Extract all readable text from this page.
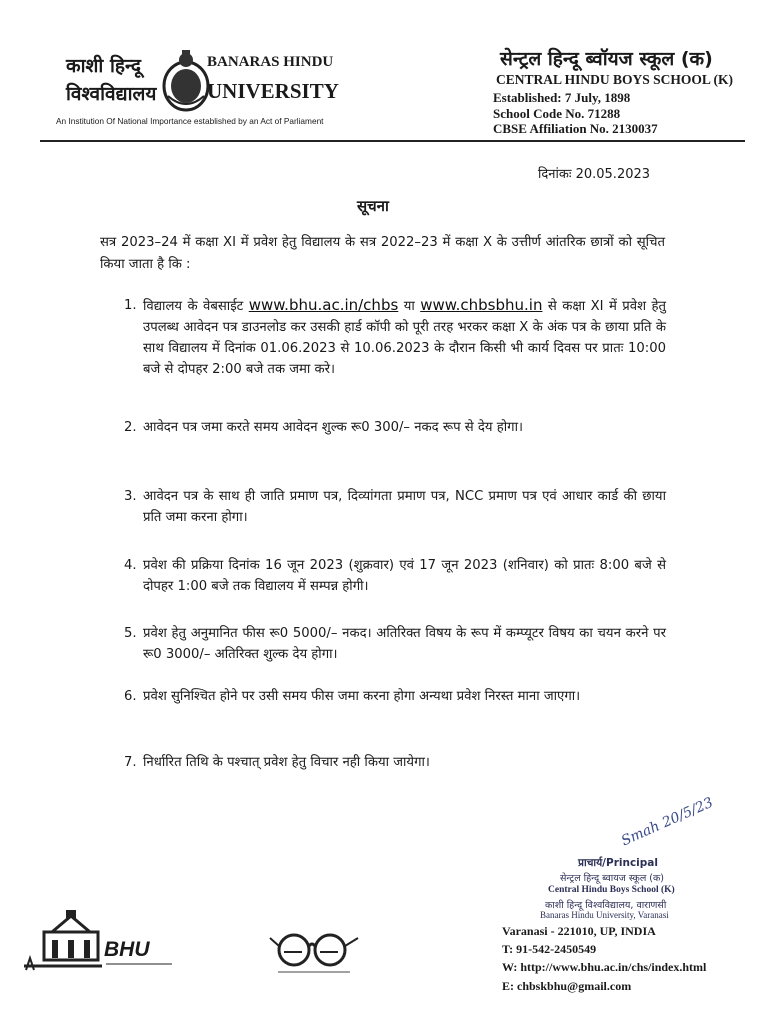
काशी हिन्दू
विश्वविद्यालय
BANARAS HINDU
UNIVERSITY
An Institution Of National Importance established by an Act of Parliament
सेन्ट्रल हिन्दू ब्वॉयज स्कूल (क)
CENTRAL HINDU BOYS SCHOOL (K)
Established: 7 July, 1898
School Code No. 71288
CBSE Affiliation No. 2130037
दिनांकः 20.05.2023
सूचना
सत्र 2023–24 में कक्षा XI में प्रवेश हेतु विद्यालय के सत्र 2022–23 में कक्षा X के उत्तीर्ण आंतरिक छात्रों को सूचित किया जाता है कि :
1. विद्यालय के वेबसाईट www.bhu.ac.in/chbs या www.chbsbhu.in से कक्षा XI में प्रवेश हेतु उपलब्ध आवेदन पत्र डाउनलोड कर उसकी हार्ड कॉपी को पूरी तरह भरकर कक्षा X के अंक पत्र के छाया प्रति के साथ विद्यालय में दिनांक 01.06.2023 से 10.06.2023 के दौरान किसी भी कार्य दिवस पर प्रातः 10:00 बजे से दोपहर 2:00 बजे तक जमा करे।
2. आवेदन पत्र जमा करते समय आवेदन शुल्क रू0 300/– नकद रूप से देय होगा।
3. आवेदन पत्र के साथ ही जाति प्रमाण पत्र, दिव्यांगता प्रमाण पत्र, NCC प्रमाण पत्र एवं आधार कार्ड की छाया प्रति जमा करना होगा।
4. प्रवेश की प्रक्रिया दिनांक 16 जून 2023 (शुक्रवार) एवं 17 जून 2023 (शनिवार) को प्रातः 8:00 बजे से दोपहर 1:00 बजे तक विद्यालय में सम्पन्न होगी।
5. प्रवेश हेतु अनुमानित फीस रू0 5000/– नकद। अतिरिक्त विषय के रूप में कम्प्यूटर विषय का चयन करने पर रू0 3000/– अतिरिक्त शुल्क देय होगा।
6. प्रवेश सुनिश्चित होने पर उसी समय फीस जमा करना होगा अन्यथा प्रवेश निरस्त माना जाएगा।
7. निर्धारित तिथि के पश्चात् प्रवेश हेतु विचार नही किया जायेगा।
Smah 20/5/23
प्राचार्य/Principal
सेन्ट्रल हिन्दू ब्वायज स्कूल (क)
Central Hindu Boys School (K)
काशी हिन्दू विश्वविद्यालय, वाराणसी
Banaras Hindu University, Varanasi
BHU
Varanasi - 221010, UP, INDIA
T: 91-542-2450549
W: http://www.bhu.ac.in/chs/index.html
E: chbskbhu@gmail.com
